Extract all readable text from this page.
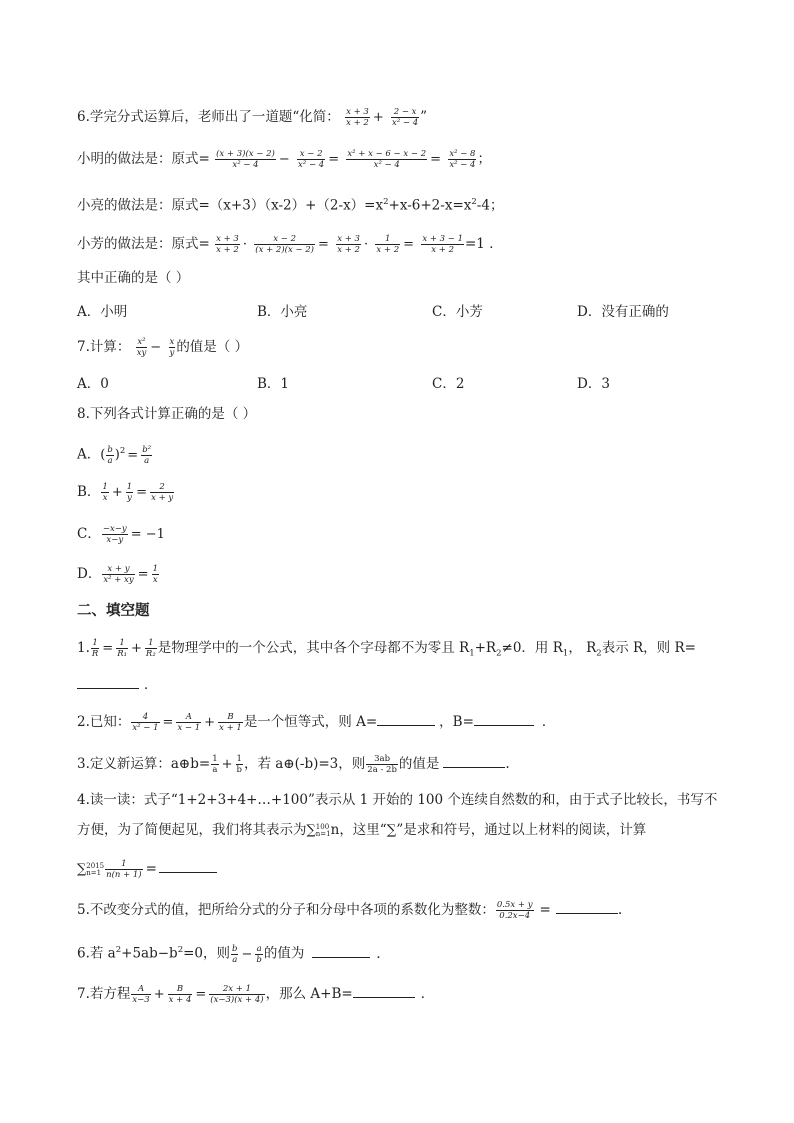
6.学完分式运算后，老师出了一道题“化简： $\frac{x + 3}{x + 2} + \frac{2 - x}{\text{x² − 4}}$ ”
小明的做法是：原式= $\frac{(x + 3)(x - 2)}{\text{x² − 4}} - \frac{x - 2}{\text{x² − 4}} = \frac{\text{x² + x − 6 − x − 2}}{\text{x² − 4}} = \frac{\text{x² − 8}}{\text{x² − 4}}$ ；
小亮的做法是：原式$=(x+3)(x-2)+(2-x)=x^2+x-6+2-x=x^2-4$；
小芳的做法是：原式= $\frac{x + 3}{x + 2} \cdot \frac{x - 2}{(x + 2)(x - 2)} = \frac{x + 3}{x + 2} \cdot \frac{1}{x + 2} = \frac{x + 3 - 1}{x + 2} =1$ ．
其中正确的是（ ）
A．小明	B．小亮	C．小芳	D．没有正确的
7.计算： $\frac{\text{x²}}{xy} - \frac{x}{y}$ 的值是（ ）
A．0	B．1	C．2	D．3
8.下列各式计算正确的是（ ）
A．( $\frac{b}{a} )^2 = \frac{\text{b²}}{a}$
B． $\frac{1}{x} + \frac{1}{y} = \frac{2}{x + y}$
C． $\frac{-x-y}{x-y} = -1$
D． $\frac{x + y}{\text{x² + xy}} = \frac{1}{x}$
二、填空题
1. $\frac{1}{R} = \frac{1}{\text{R₁}} + \frac{1}{\text{R₂}}$ 是物理学中的一个公式，其中各个字母都不为零且 $R_1+R_2\ne 0$．用 $R_1$， $R_2$表示 R，则 R=
．
2.已知： $\frac{4}{\text{x² − 1}} = \frac{A}{x - 1} + \frac{B}{x + 1}$ 是一个恒等式，则 A=	，B=	．
3.定义新运算：a⊕b= $\frac{1}{a} + \frac{1}{b}$ ，若 a⊕(-b)=3，则 $\frac{3ab}{2a - 2b}$ 的值是	.
4.读一读：式子“1+2+3+4+…+100”表示从 1 开始的 100 个连续自然数的和，由于式子比较长，书写不
方便，为了简便起见，我们将其表示为∑100
n=1n，这里“∑”是求和符号，通过以上材料的阅读，计算
∑2015
$n=1 \frac{1}{n(n + 1)}$ =
5.不改变分式的值，把所给分式的分子和分母中各项的系数化为整数： $\frac{0.5x + y}{0.2x-4}$ =	.
6.若 $a^2+5ab-b^2=0$，则 $\frac{b}{a} - \frac{a}{b}$ 的值为	．
7.若方程 $\frac{A}{x-3} + \frac{B}{x + 4} = \frac{2x + 1}{(x-3)(x + 4)}$ ，那么 A+B=	．
